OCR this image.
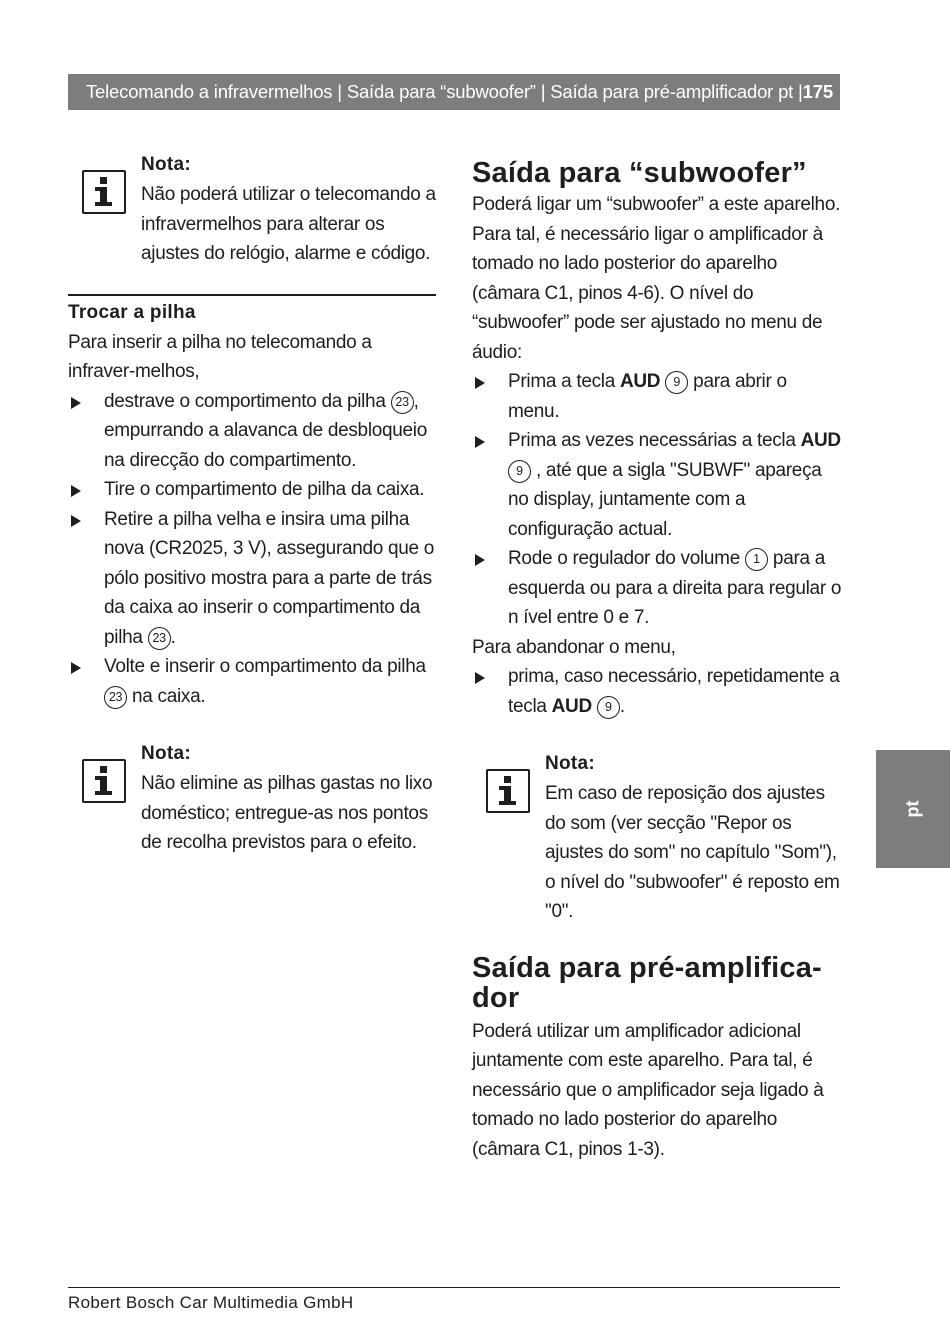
Telecomando a infravermelhos | Saída para “subwoofer” | Saída para pré-amplificador pt | 175
Nota:
Não poderá utilizar o telecomando a infravermelhos para alterar os ajustes do relógio, alarme e código.
Trocar a pilha
Para inserir a pilha no telecomando a infraver-melhos,
destrave o comportimento da pilha 23 , empurrando a alavanca de desbloqueio na direcção do compartimento.
Tire o compartimento de pilha da caixa.
Retire a pilha velha e insira uma pilha nova (CR2025, 3 V), assegurando que o pólo positivo mostra para a parte de trás da caixa ao inserir o compartimento da pilha 23 .
Volte e inserir o compartimento da pilha 23 na caixa.
Nota:
Não elimine as pilhas gastas no lixo doméstico; entregue-as nos pontos de recolha previstos para o efeito.
Saída para “subwoofer”
Poderá ligar um “subwoofer” a este aparelho. Para tal, é necessário ligar o amplificador à tomado no lado posterior do aparelho (câmara C1, pinos 4-6). O nível do “subwoofer” pode ser ajustado no menu de áudio:
Prima a tecla AUD 9 para abrir o menu.
Prima as vezes necessárias a tecla AUD
9 , até que a sigla "SUBWF" apareça no display, juntamente com a configuração actual.
Rode o regulador do volume 1 para a esquerda ou para a direita para regular o n ível entre 0 e 7.
Para abandonar o menu,
prima, caso necessário, repetidamente a tecla AUD 9 .
Nota:
Em caso de reposição dos ajustes do som (ver secção "Repor os ajustes do som" no capítulo "Som"), o nível do "subwoofer" é reposto em "0".
Saída para pré-amplifica-
dor
Poderá utilizar um amplificador adicional juntamente com este aparelho. Para tal, é necessário que o amplificador seja ligado à tomado no lado posterior do aparelho (câmara C1, pinos 1-3).
pt
Robert Bosch Car Multimedia GmbH
